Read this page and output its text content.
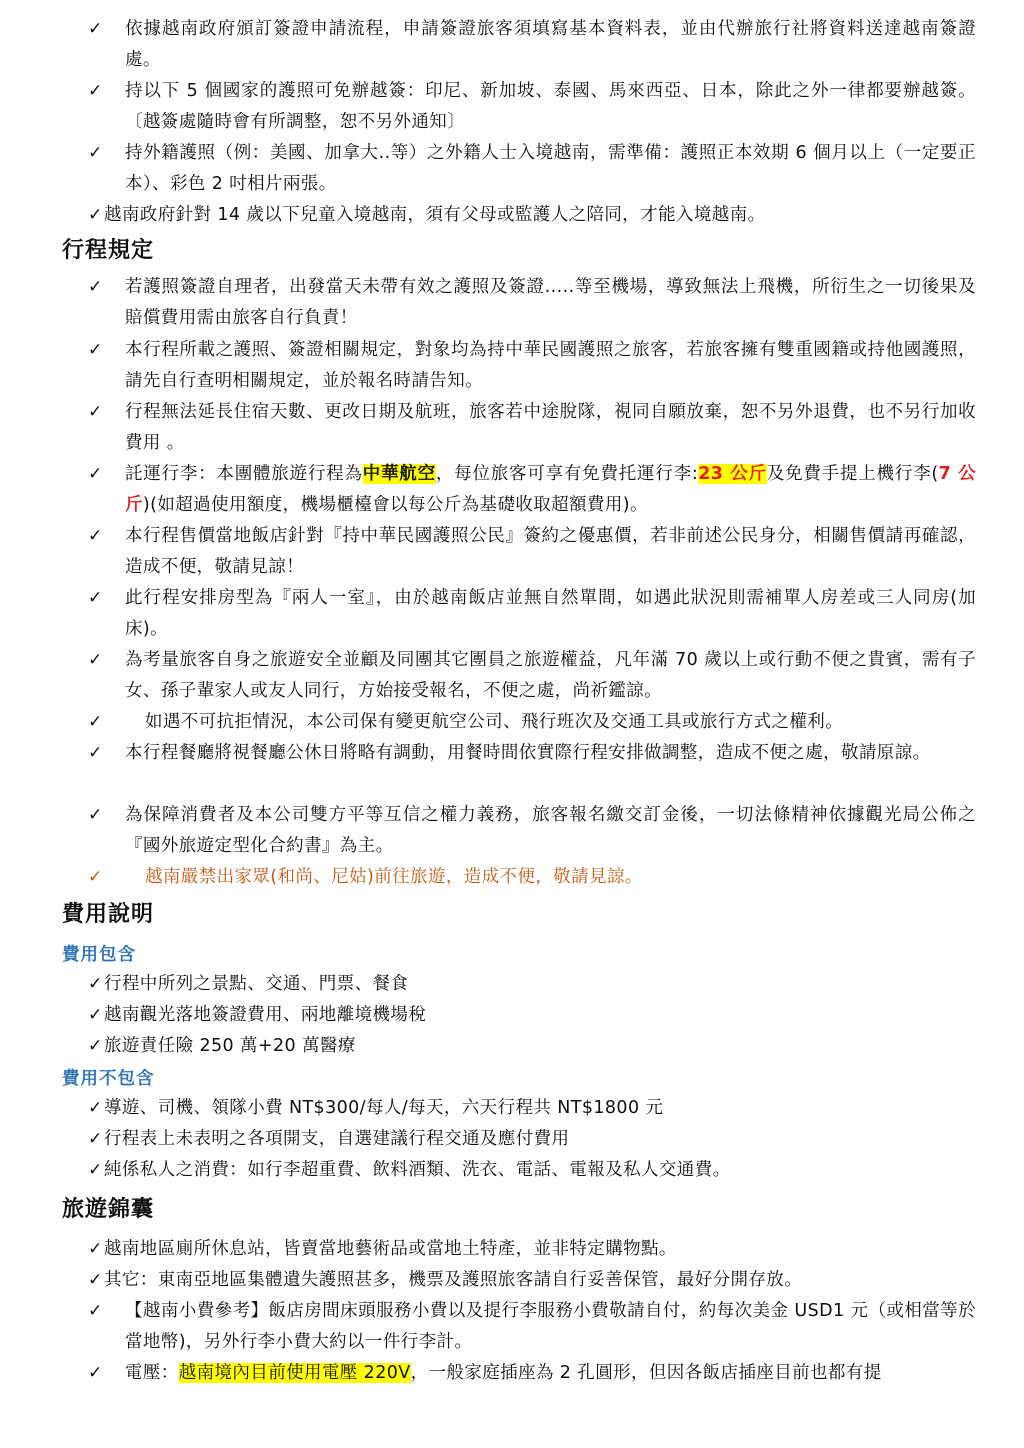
✓	依據越南政府頒訂簽證申請流程，申請簽證旅客須填寫基本資料表，並由代辦旅行社將資料送達越南簽證處。
✓	持以下 5 個國家的護照可免辦越簽：印尼、新加坡、泰國、馬來西亞、日本，除此之外一律都要辦越簽。〔越簽處隨時會有所調整，恕不另外通知〕
✓	持外籍護照（例：美國、加拿大..等）之外籍人士入境越南，需準備：護照正本效期 6 個月以上（一定要正本）、彩色 2 吋相片兩張。
✓ 越南政府針對 14 歲以下兒童入境越南，須有父母或監護人之陪同，才能入境越南。
行程規定
✓	若護照簽證自理者，出發當天未帶有效之護照及簽證.....等至機場，導致無法上飛機，所衍生之一切後果及賠償費用需由旅客自行負責！
✓	本行程所載之護照、簽證相關規定，對象均為持中華民國護照之旅客，若旅客擁有雙重國籍或持他國護照，請先自行查明相關規定，並於報名時請告知。
✓	行程無法延長住宿天數、更改日期及航班，旅客若中途脫隊，視同自願放棄，恕不另外退費，也不另行加收費用 。
✓	託運行李：本團體旅遊行程為中華航空，每位旅客可享有免費托運行李:23 公斤及免費手提上機行李(7 公斤)(如超過使用額度，機場櫃檯會以每公斤為基礎收取超額費用)。
✓	本行程售價當地飯店針對『持中華民國護照公民』簽約之優惠價，若非前述公民身分，相關售價請再確認，造成不便，敬請見諒！
✓	此行程安排房型為『兩人一室』，由於越南飯店並無自然單間，如遇此狀況則需補單人房差或三人同房(加床)。
✓	為考量旅客自身之旅遊安全並顧及同團其它團員之旅遊權益，凡年滿 70 歲以上或行動不便之貴賓，需有子女、孫子輩家人或友人同行，方始接受報名，不便之處，尚祈鑑諒。
✓	如遇不可抗拒情況，本公司保有變更航空公司、飛行班次及交通工具或旅行方式之權利。
✓	本行程餐廳將視餐廳公休日將略有調動，用餐時間依實際行程安排做調整，造成不便之處，敬請原諒。
✓	為保障消費者及本公司雙方平等互信之權力義務，旅客報名繳交訂金後，一切法條精神依據觀光局公佈之『國外旅遊定型化合約書』為主。
✓	越南嚴禁出家眾(和尚、尼姑)前往旅遊，造成不便，敬請見諒。
費用說明
費用包含
✓ 行程中所列之景點、交通、門票、餐食
✓ 越南觀光落地簽證費用、兩地離境機場稅
✓ 旅遊責任險 250 萬+20 萬醫療
費用不包含
✓ 導遊、司機、領隊小費 NT$300/每人/每天，六天行程共 NT$1800 元
✓ 行程表上未表明之各項開支，自選建議行程交通及應付費用
✓ 純係私人之消費：如行李超重費、飲料酒類、洗衣、電話、電報及私人交通費。
旅遊錦囊
✓ 越南地區廁所休息站，皆賣當地藝術品或當地土特產，並非特定購物點。
✓ 其它：東南亞地區集體遺失護照甚多，機票及護照旅客請自行妥善保管，最好分開存放。
✓	【越南小費參考】飯店房間床頭服務小費以及提行李服務小費敬請自付，約每次美金 USD1 元（或相當等於當地幣)，另外行李小費大約以一件行李計。
✓	電壓：越南境內目前使用電壓 220V，一般家庭插座為 2 孔圓形，但因各飯店插座目前也都有提
